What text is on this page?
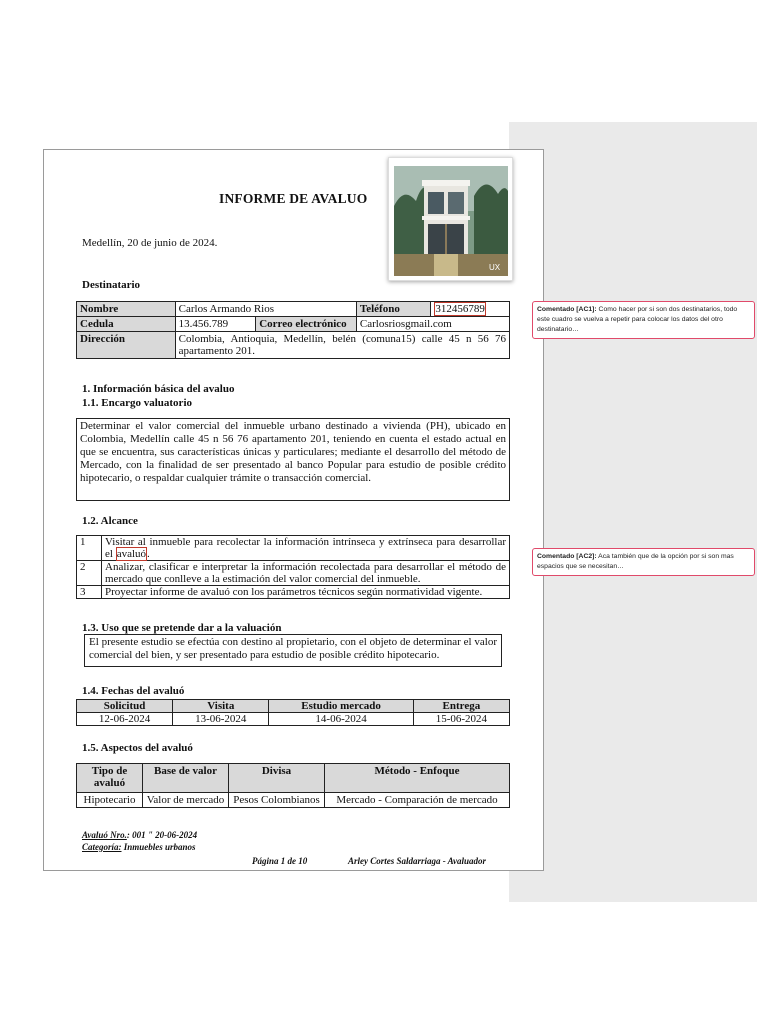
INFORME DE AVALUO
Medellín, 20 de junio de 2024.
UX
Destinatario
Nombre	Carlos Armando Rios		Teléfono	312456789
Cedula	13.456.789	Correo electrónico	Carlosriosgmail.com	
Dirección	Colombia, Antioquia, Medellín, belén (comuna15) calle 45 n 56 76 apartamento 201.			
1. Información básica del avaluo
1.1. Encargo valuatorio
Determinar el valor comercial del inmueble urbano destinado a vivienda (PH), ubicado en Colombia, Medellín calle 45 n 56 76 apartamento 201, teniendo en cuenta el estado actual en que se encuentra, sus características únicas y particulares; mediante el desarrollo del método de Mercado, con la finalidad de ser presentado al banco Popular para estudio de posible crédito hipotecario, o respaldar cualquier trámite o transacción comercial.
1.2. Alcance
1	Visitar al inmueble para recolectar la información intrínseca y extrínseca para desarrollar el avaluó.
2	Analizar, clasificar e interpretar la información recolectada para desarrollar el método de mercado que conlleve a la estimación del valor comercial del inmueble.
3	Proyectar informe de avaluó con los parámetros técnicos según normatividad vigente.
1.3. Uso que se pretende dar a la valuación
El presente estudio se efectúa con destino al propietario, con el objeto de determinar el valor comercial del bien, y ser presentado para estudio de posible crédito hipotecario.
1.4. Fechas del avaluó
Solicitud	Visita	Estudio mercado	Entrega
12-06-2024	13-06-2024	14-06-2024	15-06-2024
1.5. Aspectos del avaluó
Tipo de avaluó	Base de valor	Divisa	Método - Enfoque
Hipotecario	Valor de mercado	Pesos Colombianos	Mercado - Comparación de mercado
Avaluó Nro.: 001 " 20-06-2024
Categoría: Inmuebles urbanos
Página 1 de 10	Arley Cortes Saldarriaga - Avaluador
Comentado [AC1]: Como hacer por si son dos destinatarios, todo este cuadro se vuelva a repetir para colocar los datos del otro destinatario…
Comentado [AC2]: Aca también que de la opción por si son mas espacios que se necesitan…
